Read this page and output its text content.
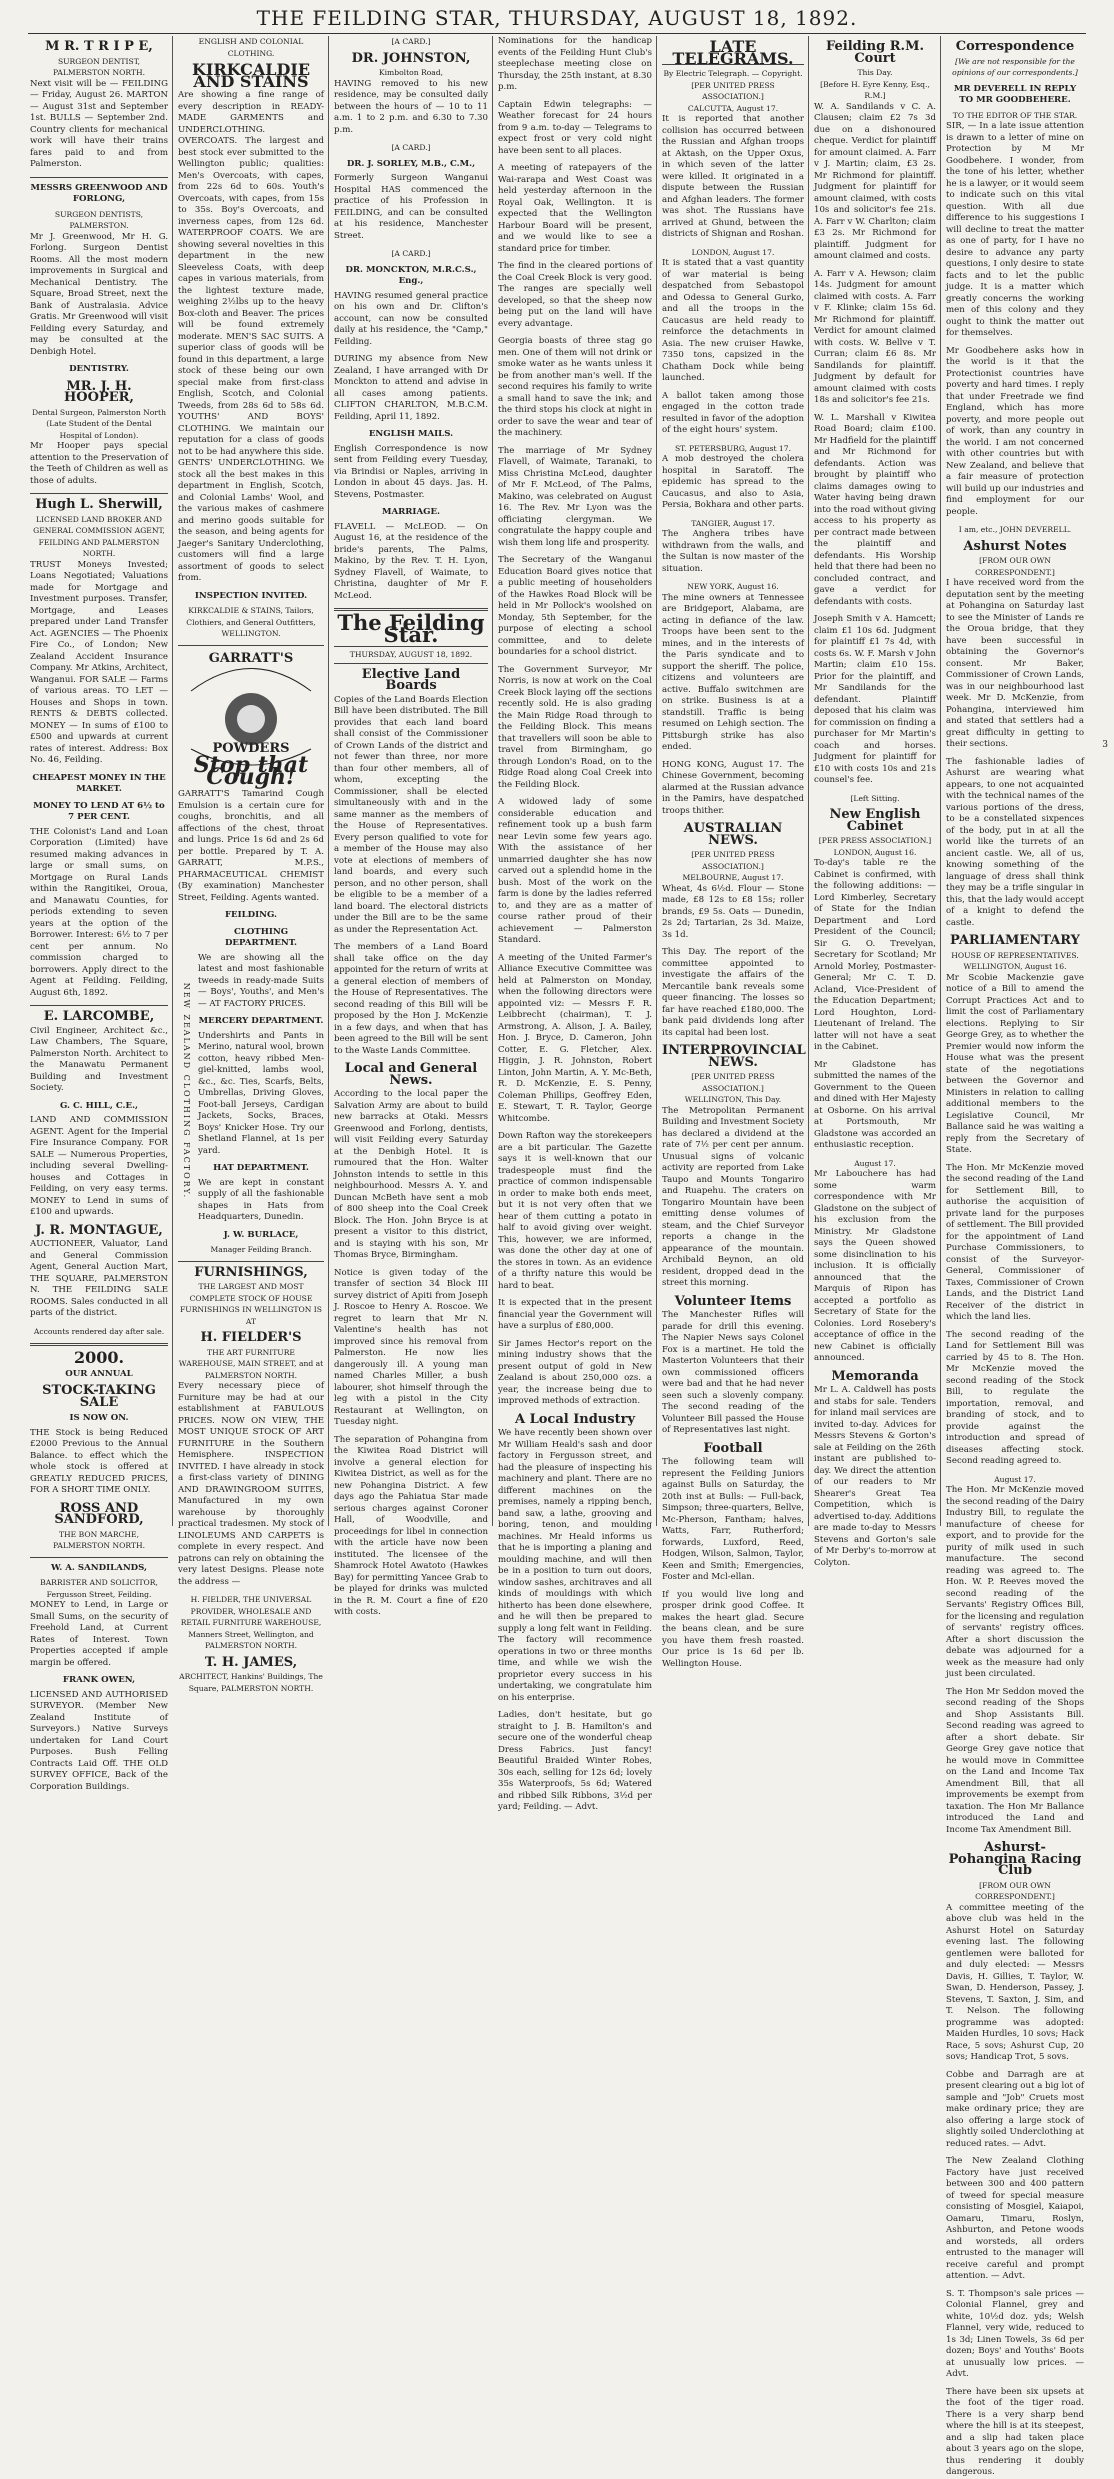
THE FEILDING STAR, THURSDAY, AUGUST 18, 1892.
M R. T R I P E,
SURGEON DENTIST, PALMERSTON NORTH.

Next visit will be — FEILDING — Friday, August 26. MARTON — August 31st and September 1st. BULLS — September 2nd. Country clients for mechanical work will have their trains fares paid to and from Palmerston.

MESSRS GREENWOOD AND FORLONG,
SURGEON DENTISTS, PALMERSTON.

Mr J. Greenwood, Mr H. G. Forlong. Surgeon Dentist Rooms. All the most modern improvements in Surgical and Mechanical Dentistry. The Square, Broad Street, next the Bank of Australasia. Advice Gratis. Mr Greenwood will visit Feilding every Saturday, and may be consulted at the Denbigh Hotel.

DENTISTRY.
MR. J. H. HOOPER,
Dental Surgeon, Palmerston North (Late Student of the Dental Hospital of London).

Mr Hooper pays special attention to the Preservation of the Teeth of Children as well as those of adults.

Hugh L. Sherwill,
LICENSED LAND BROKER AND GENERAL COMMISSION AGENT, FEILDING AND PALMERSTON NORTH.

TRUST Moneys Invested; Loans Negotiated; Valuations made for Mortgage and Investment purposes. Transfer, Mortgage, and Leases prepared under Land Transfer Act. AGENCIES — The Phoenix Fire Co., of London; New Zealand Accident Insurance Company. Mr Atkins, Architect, Wanganui. FOR SALE — Farms of various areas. TO LET — Houses and Shops in town. RENTS & DEBTS collected. MONEY — In sums of £100 to £500 and upwards at current rates of interest. Address: Box No. 46, Feilding.

CHEAPEST MONEY IN THE MARKET.
MONEY TO LEND AT 6½ to 7 PER CENT.

THE Colonist's Land and Loan Corporation (Limited) have resumed making advances in large or small sums, on Mortgage on Rural Lands within the Rangitikei, Oroua, and Manawatu Counties, for periods extending to seven years at the option of the Borrower. Interest: 6½ to 7 per cent per annum. No commission charged to borrowers. Apply direct to the Agent at Feilding. Feilding, August 6th, 1892.

E. LARCOMBE,

Civil Engineer, Architect &c., Law Chambers, The Square, Palmerston North. Architect to the Manawatu Permanent Building and Investment Society.

G. C. HILL, C.E.,

LAND AND COMMISSION AGENT. Agent for the Imperial Fire Insurance Company. FOR SALE — Numerous Properties, including several Dwelling-houses and Cottages in Feilding, on very easy terms. MONEY to Lend in sums of £100 and upwards.

J. R. MONTAGUE,

AUCTIONEER, Valuator, Land and General Commission Agent, General Auction Mart, THE SQUARE, PALMERSTON N. THE FEILDING SALE ROOMS. Sales conducted in all parts of the district.

Accounts rendered day after sale.
2000.
OUR ANNUAL
STOCK-TAKING SALE
IS NOW ON.

THE Stock is being Reduced £2000 Previous to the Annual Balance. to effect which the whole stock is offered at GREATLY REDUCED PRICES, FOR A SHORT TIME ONLY.

ROSS AND SANDFORD,
THE BON MARCHE, PALMERSTON NORTH.
W. A. SANDILANDS,
BARRISTER AND SOLICITOR, Fergusson Street, Feilding.

MONEY to Lend, in Large or Small Sums, on the security of Freehold Land, at Current Rates of Interest. Town Properties accepted if ample margin be offered.

FRANK OWEN,

LICENSED AND AUTHORISED SURVEYOR. (Member New Zealand Institute of Surveyors.) Native Surveys undertaken for Land Court Purposes. Bush Felling Contracts Laid Off. THE OLD SURVEY OFFICE, Back of the Corporation Buildings.

ENGLISH AND COLONIAL CLOTHING.
KIRKCALDIE AND STAINS

Are showing a fine range of every description in READY-MADE GARMENTS and UNDERCLOTHING. OVERCOATS. The largest and best stock ever submitted to the Wellington public; qualities: Men's Overcoats, with capes, from 22s 6d to 60s. Youth's Overcoats, with capes, from 15s to 35s. Boy's Overcoats, and inverness capes, from 12s 6d. WATERPROOF COATS. We are showing several novelties in this department in the new Sleeveless Coats, with deep capes in various materials, from the lightest texture made, weighing 2½lbs up to the heavy Box-cloth and Beaver. The prices will be found extremely moderate. MEN'S SAC SUITS. A superior class of goods will be found in this department, a large stock of these being our own special make from first-class English, Scotch, and Colonial Tweeds, from 28s 6d to 58s 6d. YOUTHS' AND BOYS' CLOTHING. We maintain our reputation for a class of goods not to be had anywhere this side. GENTS' UNDERCLOTHING. We stock all the best makes in this department in English, Scotch, and Colonial Lambs' Wool, and the various makes of cashmere and merino goods suitable for the season, and being agents for Jaeger's Sanitary Underclothing, customers will find a large assortment of goods to select from.

INSPECTION INVITED.
KIRKCALDIE & STAINS, Tailors, Clothiers, and General Outfitters, WELLINGTON.
GARRATT'S
POWDERS
Stop that Cough!

GARRATT'S Tamarind Cough Emulsion is a certain cure for coughs, bronchitis, and all affections of the chest, throat and lungs. Price 1s 6d and 2s 6d per bottle. Prepared by T. A. GARRATT, M.P.S., PHARMACEUTICAL CHEMIST (By examination) Manchester Street, Feilding. Agents wanted.

FEILDING.
NEW ZEALAND CLOTHING FACTORY.
CLOTHING DEPARTMENT.

We are showing all the latest and most fashionable tweeds in ready-made Suits — Boys', Youths', and Men's — AT FACTORY PRICES.

MERCERY DEPARTMENT.

Undershirts and Pants in Merino, natural wool, brown cotton, heavy ribbed Men-giel-knitted, lambs wool, &c., &c. Ties, Scarfs, Belts, Umbrellas, Driving Gloves, Foot-ball Jerseys, Cardigan Jackets, Socks, Braces, Boys' Knicker Hose. Try our Shetland Flannel, at 1s per yard.

HAT DEPARTMENT.

We are kept in constant supply of all the fashionable shapes in Hats from Headquarters, Dunedin.

J. W. BURLACE,
Manager Feilding Branch.
FURNISHINGS,
THE LARGEST AND MOST COMPLETE STOCK OF HOUSE FURNISHINGS IN WELLINGTON IS AT
H. FIELDER'S
THE ART FURNITURE WAREHOUSE, MAIN STREET, and at PALMERSTON NORTH.

Every necessary piece of Furniture may be had at our establishment at FABULOUS PRICES. NOW ON VIEW, THE MOST UNIQUE STOCK OF ART FURNITURE in the Southern Hemisphere. INSPECTION INVITED. I have already in stock a first-class variety of DINING AND DRAWINGROOM SUITES, Manufactured in my own warehouse by thoroughly practical tradesmen. My stock of LINOLEUMS AND CARPETS is complete in every respect. And patrons can rely on obtaining the very latest Designs. Please note the address —

H. FIELDER, THE UNIVERSAL PROVIDER, WHOLESALE AND RETAIL FURNITURE WAREHOUSE, Manners Street, Wellington, and PALMERSTON NORTH.
T. H. JAMES,
ARCHITECT, Hankins' Buildings, The Square, PALMERSTON NORTH.
[A CARD.]
DR. JOHNSTON,
Kimbolton Road,

HAVING removed to his new residence, may be consulted daily between the hours of — 10 to 11 a.m. 1 to 2 p.m. and 6.30 to 7.30 p.m.

[A CARD.]
DR. J. SORLEY, M.B., C.M.,

Formerly Surgeon Wanganui Hospital HAS commenced the practice of his Profession in FEILDING, and can be consulted at his residence, Manchester Street.

[A CARD.]
DR. MONCKTON, M.R.C.S., Eng.,

HAVING resumed general practice on his own and Dr. Clifton's account, can now be consulted daily at his residence, the "Camp," Feilding.

DURING my absence from New Zealand, I have arranged with Dr Monckton to attend and advise in all cases among patients. CLIFTON CHARLTON, M.B.C.M. Feilding, April 11, 1892.

ENGLISH MAILS.

English Correspondence is now sent from Feilding every Tuesday, via Brindisi or Naples, arriving in London in about 45 days. Jas. H. Stevens, Postmaster.

MARRIAGE.

FLAVELL — McLEOD. — On August 16, at the residence of the bride's parents, The Palms, Makino, by the Rev. T. H. Lyon, Sydney Flavell, of Waimate, to Christina, daughter of Mr F. McLeod.

The Feilding Star.
THURSDAY, AUGUST 18, 1892.
Elective Land Boards

Copies of the Land Boards Election Bill have been distributed. The Bill provides that each land board shall consist of the Commissioner of Crown Lands of the district and not fewer than three, nor more than four other members, all of whom, excepting the Commissioner, shall be elected simultaneously with and in the same manner as the members of the House of Representatives. Every person qualified to vote for a member of the House may also vote at elections of members of land boards, and every such person, and no other person, shall be eligible to be a member of a land board. The electoral districts under the Bill are to be the same as under the Representation Act.

The members of a Land Board shall take office on the day appointed for the return of writs at a general election of members of the House of Representatives. The second reading of this Bill will be proposed by the Hon J. McKenzie in a few days, and when that has been agreed to the Bill will be sent to the Waste Lands Committee.

Local and General News.

According to the local paper the Salvation Army are about to build new barracks at Otaki. Messrs Greenwood and Forlong, dentists, will visit Feilding every Saturday at the Denbigh Hotel. It is rumoured that the Hon. Walter Johnston intends to settle in this neighbourhood. Messrs A. Y. and Duncan McBeth have sent a mob of 800 sheep into the Coal Creek Block. The Hon. John Bryce is at present a visitor to this district, and is staying with his son, Mr Thomas Bryce, Birmingham.

Notice is given today of the transfer of section 34 Block III survey district of Apiti from Joseph J. Roscoe to Henry A. Roscoe. We regret to learn that Mr N. Valentine's health has not improved since his removal from Palmerston. He now lies dangerously ill. A young man named Charles Miller, a bush labourer, shot himself through the leg with a pistol in the City Restaurant at Wellington, on Tuesday night.

The separation of Pohangina from the Kiwitea Road District will involve a general election for Kiwitea District, as well as for the new Pohangina District. A few days ago the Pahiatua Star made serious charges against Coroner Hall, of Woodville, and proceedings for libel in connection with the article have now been instituted. The licensee of the Shamrock Hotel Awatoto (Hawkes Bay) for permitting Yancee Grab to be played for drinks was mulcted in the R. M. Court a fine of £20 with costs.

Nominations for the handicap events of the Feilding Hunt Club's steeplechase meeting close on Thursday, the 25th instant, at 8.30 p.m.

Captain Edwin telegraphs: — Weather forecast for 24 hours from 9 a.m. to-day — Telegrams to expect frost or very cold night have been sent to all places.

A meeting of ratepayers of the Wai-rarapa and West Coast was held yesterday afternoon in the Royal Oak, Wellington. It is expected that the Wellington Harbour Board will be present, and we would like to see a standard price for timber.

The find in the cleared portions of the Coal Creek Block is very good. The ranges are specially well developed, so that the sheep now being put on the land will have every advantage.

Georgia boasts of three stag go men. One of them will not drink or smoke water as he wants unless it be from another man's well. If the second requires his family to write a small hand to save the ink; and the third stops his clock at night in order to save the wear and tear of the machinery.

The marriage of Mr Sydney Flavell, of Waimate, Taranaki, to Miss Christina McLeod, daughter of Mr F. McLeod, of The Palms, Makino, was celebrated on August 16. The Rev. Mr Lyon was the officiating clergyman. We congratulate the happy couple and wish them long life and prosperity.

The Secretary of the Wanganui Education Board gives notice that a public meeting of householders of the Hawkes Road Block will be held in Mr Pollock's woolshed on Monday, 5th September, for the purpose of electing a school committee, and to delete boundaries for a school district.

The Government Surveyor, Mr Norris, is now at work on the Coal Creek Block laying off the sections recently sold. He is also grading the Main Ridge Road through to the Feilding Block. This means that travellers will soon be able to travel from Birmingham, go through London's Road, on to the Ridge Road along Coal Creek into the Feilding Block.

A widowed lady of some considerable education and refinement took up a bush farm near Levin some few years ago. With the assistance of her unmarried daughter she has now carved out a splendid home in the bush. Most of the work on the farm is done by the ladies referred to, and they are as a matter of course rather proud of their achievement — Palmerston Standard.

A meeting of the United Farmer's Alliance Executive Committee was held at Palmerston on Monday, when the following directors were appointed viz: — Messrs F. R. Leibbrecht (chairman), T. J. Armstrong, A. Alison, J. A. Bailey, Hon. J. Bryce, D. Cameron, John Cotter, E. G. Fletcher, Alex. Higgin, J. R. Johnston, Robert Linton, John Martin, A. Y. Mc-Beth, R. D. McKenzie, E. S. Penny, Coleman Phillips, Geoffrey Eden, E. Stewart, T. R. Taylor, George Whitcombe.

Down Rafton way the storekeepers are a bit particular. The Gazette says it is well-known that our tradespeople must find the practice of common indispensable in order to make both ends meet, but it is not very often that we hear of them cutting a potato in half to avoid giving over weight. This, however, we are informed, was done the other day at one of the stores in town. As an evidence of a thrifty nature this would be hard to beat.

It is expected that in the present financial year the Government will have a surplus of £80,000.

Sir James Hector's report on the mining industry shows that the present output of gold in New Zealand is about 250,000 ozs. a year, the increase being due to improved methods of extraction.

A Local Industry

We have recently been shown over Mr William Heald's sash and door factory in Fergusson street, and had the pleasure of inspecting his machinery and plant. There are no different machines on the premises, namely a ripping bench, band saw, a lathe, grooving and boring, tenon, and moulding machines. Mr Heald informs us that he is importing a planing and moulding machine, and will then be in a position to turn out doors, window sashes, architraves and all kinds of mouldings with which hitherto has been done elsewhere, and he will then be prepared to supply a long felt want in Feilding. The factory will recommence operations in two or three months time, and while we wish the proprietor every success in his undertaking, we congratulate him on his enterprise.

Ladies, don't hesitate, but go straight to J. B. Hamilton's and secure one of the wonderful cheap Dress Fabrics. Just fancy! Beautiful Braided Winter Robes, 30s each, selling for 12s 6d; lovely 35s Waterproofs, 5s 6d; Watered and ribbed Silk Ribbons, 3½d per yard; Feilding. — Advt.

LATE TELEGRAMS.
By Electric Telegraph. — Copyright. [PER UNITED PRESS ASSOCIATION.]
CALCUTTA, August 17.

It is reported that another collision has occurred between the Russian and Afghan troops at Aktash, on the Upper Oxus, in which seven of the latter were killed. It originated in a dispute between the Russian and Afghan leaders. The former was shot. The Russians have arrived at Ghund, between the districts of Shignan and Roshan.

LONDON, August 17.

It is stated that a vast quantity of war material is being despatched from Sebastopol and Odessa to General Gurko, and all the troops in the Caucasus are held ready to reinforce the detachments in Asia. The new cruiser Hawke, 7350 tons, capsized in the Chatham Dock while being launched.

A ballot taken among those engaged in the cotton trade resulted in favor of the adoption of the eight hours' system.

ST. PETERSBURG, August 17.

A mob destroyed the cholera hospital in Saratoff. The epidemic has spread to the Caucasus, and also to Asia, Persia, Bokhara and other parts.

TANGIER, August 17.

The Anghera tribes have withdrawn from the walls, and the Sultan is now master of the situation.

NEW YORK, August 16.

The mine owners at Tennessee are Bridgeport, Alabama, are acting in defiance of the law. Troops have been sent to the mines, and in the interests of the Paris syndicate and to support the sheriff. The police, citizens and volunteers are active. Buffalo switchmen are on strike. Business is at a standstill. Traffic is being resumed on Lehigh section. The Pittsburgh strike has also ended.

HONG KONG, August 17. The Chinese Government, becoming alarmed at the Russian advance in the Pamirs, have despatched troops thither.

AUSTRALIAN NEWS.
[PER UNITED PRESS ASSOCIATION.]
MELBOURNE, August 17.

Wheat, 4s 6½d. Flour — Stone made, £8 12s to £8 15s; roller brands, £9 5s. Oats — Dunedin, 2s 2d; Tartarian, 2s 3d. Maize, 3s 1d.

This Day. The report of the committee appointed to investigate the affairs of the Mercantile bank reveals some queer financing. The losses so far have reached £180,000. The bank paid dividends long after its capital had been lost.

INTERPROVINCIAL NEWS.
[PER UNITED PRESS ASSOCIATION.]
WELLINGTON, This Day.

The Metropolitan Permanent Building and Investment Society has declared a dividend at the rate of 7½ per cent per annum. Unusual signs of volcanic activity are reported from Lake Taupo and Mounts Tongariro and Ruapehu. The craters on Tongariro Mountain have been emitting dense volumes of steam, and the Chief Surveyor reports a change in the appearance of the mountain. Archibald Beynon, an old resident, dropped dead in the street this morning.

Volunteer Items

The Manchester Rifles will parade for drill this evening. The Napier News says Colonel Fox is a martinet. He told the Masterton Volunteers that their own commissioned officers were bad and that he had never seen such a slovenly company. The second reading of the Volunteer Bill passed the House of Representatives last night.

Football

The following team will represent the Feilding Juniors against Bulls on Saturday, the 20th inst at Bulls: — Full-back, Simpson; three-quarters, Bellve, Mc-Pherson, Fantham; halves, Watts, Farr, Rutherford; forwards, Luxford, Reed, Hodgen, Wilson, Salmon, Taylor, Keen and Smith; Emergencies, Foster and Mcl-ellan.

If you would live long and prosper drink good Coffee. It makes the heart glad. Secure the beans clean, and be sure you have them fresh roasted. Our price is 1s 6d per lb. Wellington House.

Feilding R.M. Court
This Day.
[Before H. Eyre Kenny, Esq., R.M.]

W. A. Sandilands v C. A. Clausen; claim £2 7s 3d due on a dishonoured cheque. Verdict for plaintiff for amount claimed. A. Farr v J. Martin; claim, £3 2s. Mr Richmond for plaintiff. Judgment for plaintiff for amount claimed, with costs 10s and solicitor's fee 21s. A. Farr v W. Charlton; claim £3 2s. Mr Richmond for plaintiff. Judgment for amount claimed and costs.

A. Farr v A. Hewson; claim 14s. Judgment for amount claimed with costs. A. Farr v F. Klinke; claim 15s 6d. Mr Richmond for plaintiff. Verdict for amount claimed with costs. W. Bellve v T. Curran; claim £6 8s. Mr Sandilands for plaintiff. Judgment by default for amount claimed with costs 18s and solicitor's fee 21s.

W. L. Marshall v Kiwitea Road Board; claim £100. Mr Hadfield for the plaintiff and Mr Richmond for defendants. Action was brought by plaintiff who claims damages owing to Water having being drawn into the road without giving access to his property as per contract made between the plaintiff and defendants. His Worship held that there had been no concluded contract, and gave a verdict for defendants with costs.

Joseph Smith v A. Hamcett; claim £1 10s 6d. Judgment for plaintiff £1 7s 4d, with costs 6s. W. F. Marsh v John Martin; claim £10 15s. Prior for the plaintiff, and Mr Sandilands for the defendant. Plaintiff deposed that his claim was for commission on finding a purchaser for Mr Martin's coach and horses. Judgment for plaintiff for £10 with costs 10s and 21s counsel's fee.

[Left Sitting.
New English Cabinet
[PER PRESS ASSOCIATION.]
LONDON, August 16.

To-day's table re the Cabinet is confirmed, with the following additions: — Lord Kimberley, Secretary of State for the Indian Department and Lord President of the Council; Sir G. O. Trevelyan, Secretary for Scotland; Mr Arnold Morley, Postmaster-General; Mr C. T. D. Acland, Vice-President of the Education Department; Lord Houghton, Lord-Lieutenant of Ireland. The latter will not have a seat in the Cabinet.

Mr Gladstone has submitted the names of the Government to the Queen and dined with Her Majesty at Osborne. On his arrival at Portsmouth, Mr Gladstone was accorded an enthusiastic reception.

August 17.

Mr Labouchere has had some warm correspondence with Mr Gladstone on the subject of his exclusion from the Ministry. Mr Gladstone says the Queen showed some disinclination to his inclusion. It is officially announced that the Marquis of Ripon has accepted a portfolio as Secretary of State for the Colonies. Lord Rosebery's acceptance of office in the new Cabinet is officially announced.

Memoranda

Mr L. A. Caldwell has posts and stabs for sale. Tenders for inland mail services are invited to-day. Advices for Messrs Stevens & Gorton's sale at Feilding on the 26th instant are published to-day. We direct the attention of our readers to Mr Shearer's Great Tea Competition, which is advertised to-day. Additions are made to-day to Messrs Stevens and Gorton's sale of Mr Derby's to-morrow at Colyton.

Correspondence
[We are not responsible for the opinions of our correspondents.]
MR DEVERELL IN REPLY TO MR GOODBEHERE.
TO THE EDITOR OF THE STAR.

SIR, — In a late issue attention is drawn to a letter of mine on Protection by M Mr Goodbehere. I wonder, from the tone of his letter, whether he is a lawyer, or it would seem to indicate such on this vital question. With all due difference to his suggestions I will decline to treat the matter as one of party, for I have no desire to advance any party questions, I only desire to state facts and to let the public judge. It is a matter which greatly concerns the working men of this colony and they ought to think the matter out for themselves.

Mr Goodbehere asks how in the world is it that the Protectionist countries have poverty and hard times. I reply that under Freetrade we find England, which has more poverty, and more people out of work, than any country in the world. I am not concerned with other countries but with New Zealand, and believe that a fair measure of protection will build up our industries and find employment for our people.

I am, etc., JOHN DEVERELL.
Ashurst Notes
[FROM OUR OWN CORRESPONDENT.]

I have received word from the deputation sent by the meeting at Pohangina on Saturday last to see the Minister of Lands re the Oroua bridge, that they have been successful in obtaining the Governor's consent. Mr Baker, Commissioner of Crown Lands, was in our neighbourhood last week. Mr D. McKenzie, from Pohangina, interviewed him and stated that settlers had a great difficulty in getting to their sections.

The fashionable ladies of Ashurst are wearing what appears, to one not acquainted with the technical names of the various portions of the dress, to be a constellated sixpences of the body, put in at all the world like the turrets of an ancient castle. We, all of us, knowing something of the language of dress shall think they may be a trifle singular in this, that the lady would accept of a knight to defend the castle.

PARLIAMENTARY
HOUSE OF REPRESENTATIVES.
WELLINGTON, August 16.

Mr Scobie Mackenzie gave notice of a Bill to amend the Corrupt Practices Act and to limit the cost of Parliamentary elections. Replying to Sir George Grey, as to whether the Premier would now inform the House what was the present state of the negotiations between the Governor and Ministers in relation to calling additional members to the Legislative Council, Mr Ballance said he was waiting a reply from the Secretary of State.

The Hon. Mr McKenzie moved the second reading of the Land for Settlement Bill, to authorise the acquisition of private land for the purposes of settlement. The Bill provided for the appointment of Land Purchase Commissioners, to consist of the Surveyor-General, Commissioner of Taxes, Commissioner of Crown Lands, and the District Land Receiver of the district in which the land lies.

The second reading of the Land for Settlement Bill was carried by 45 to 8. The Hon. Mr McKenzie moved the second reading of the Stock Bill, to regulate the importation, removal, and branding of stock, and to provide against the introduction and spread of diseases affecting stock. Second reading agreed to.

August 17.

The Hon. Mr McKenzie moved the second reading of the Dairy Industry Bill, to regulate the manufacture of cheese for export, and to provide for the purity of milk used in such manufacture. The second reading was agreed to. The Hon. W. P. Reeves moved the second reading of the Servants' Registry Offices Bill, for the licensing and regulation of servants' registry offices. After a short discussion the debate was adjourned for a week as the measure had only just been circulated.

The Hon Mr Seddon moved the second reading of the Shops and Shop Assistants Bill. Second reading was agreed to after a short debate. Sir George Grey gave notice that he would move in Committee on the Land and Income Tax Amendment Bill, that all improvements be exempt from taxation. The Hon Mr Ballance introduced the Land and Income Tax Amendment Bill.

Ashurst-Pohangina Racing Club
[FROM OUR OWN CORRESPONDENT.]

A committee meeting of the above club was held in the Ashurst Hotel on Saturday evening last. The following gentlemen were balloted for and duly elected: — Messrs Davis, H. Gillies, T. Taylor, W. Swan, D. Henderson, Passey, J. Stevens, T. Saxton, J. Sim, and T. Nelson. The following programme was adopted: Maiden Hurdles, 10 sovs; Hack Race, 5 sovs; Ashurst Cup, 20 sovs; Handicap Trot, 5 sovs.

Cobbe and Darragh are at present clearing out a big lot of sample and "Job" Cruets most make ordinary price; they are also offering a large stock of slightly soiled Underclothing at reduced rates. — Advt.

The New Zealand Clothing Factory have just received between 300 and 400 pattern of tweed for special measure consisting of Mosgiel, Kaiapoi, Oamaru, Timaru, Roslyn, Ashburton, and Petone woods and worsteds, all orders entrusted to the manager will receive careful and prompt attention. — Advt.

S. T. Thompson's sale prices — Colonial Flannel, grey and white, 10½d doz. yds; Welsh Flannel, very wide, reduced to 1s 3d; Linen Towels, 3s 6d per dozen; Boys' and Youths' Boots at unusually low prices. — Advt.

There have been six upsets at the foot of the tiger road. There is a very sharp bend where the hill is at its steepest, and a slip had taken place about 3 years ago on the slope, thus rendering it doubly dangerous.

3
